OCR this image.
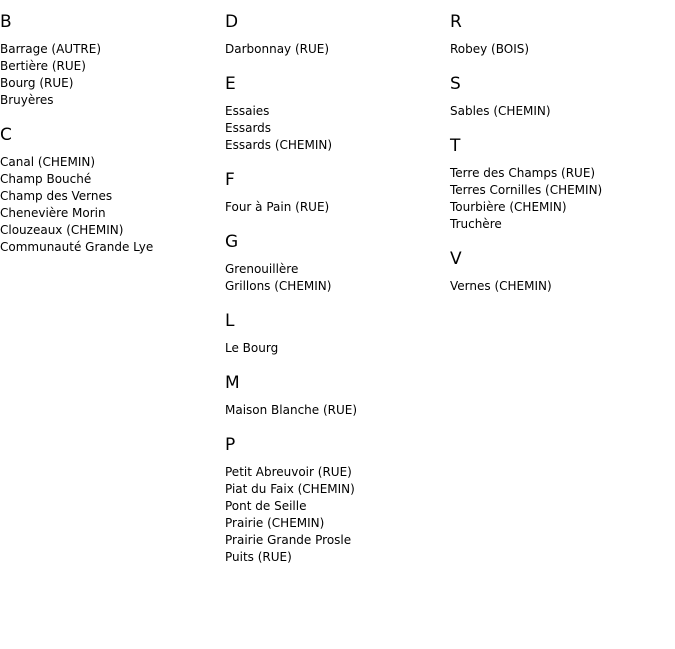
B
Barrage (AUTRE)
Bertière (RUE)
Bourg (RUE)
Bruyères
C
Canal (CHEMIN)
Champ Bouché
Champ des Vernes
Chenevière Morin
Clouzeaux (CHEMIN)
Communauté Grande Lye
D
Darbonnay (RUE)
E
Essaies
Essards
Essards (CHEMIN)
F
Four à Pain (RUE)
G
Grenouillère
Grillons (CHEMIN)
L
Le Bourg
M
Maison Blanche (RUE)
P
Petit Abreuvoir (RUE)
Piat du Faix (CHEMIN)
Pont de Seille
Prairie (CHEMIN)
Prairie Grande Prosle
Puits (RUE)
R
Robey (BOIS)
S
Sables (CHEMIN)
T
Terre des Champs (RUE)
Terres Cornilles (CHEMIN)
Tourbière (CHEMIN)
Truchère
V
Vernes (CHEMIN)
